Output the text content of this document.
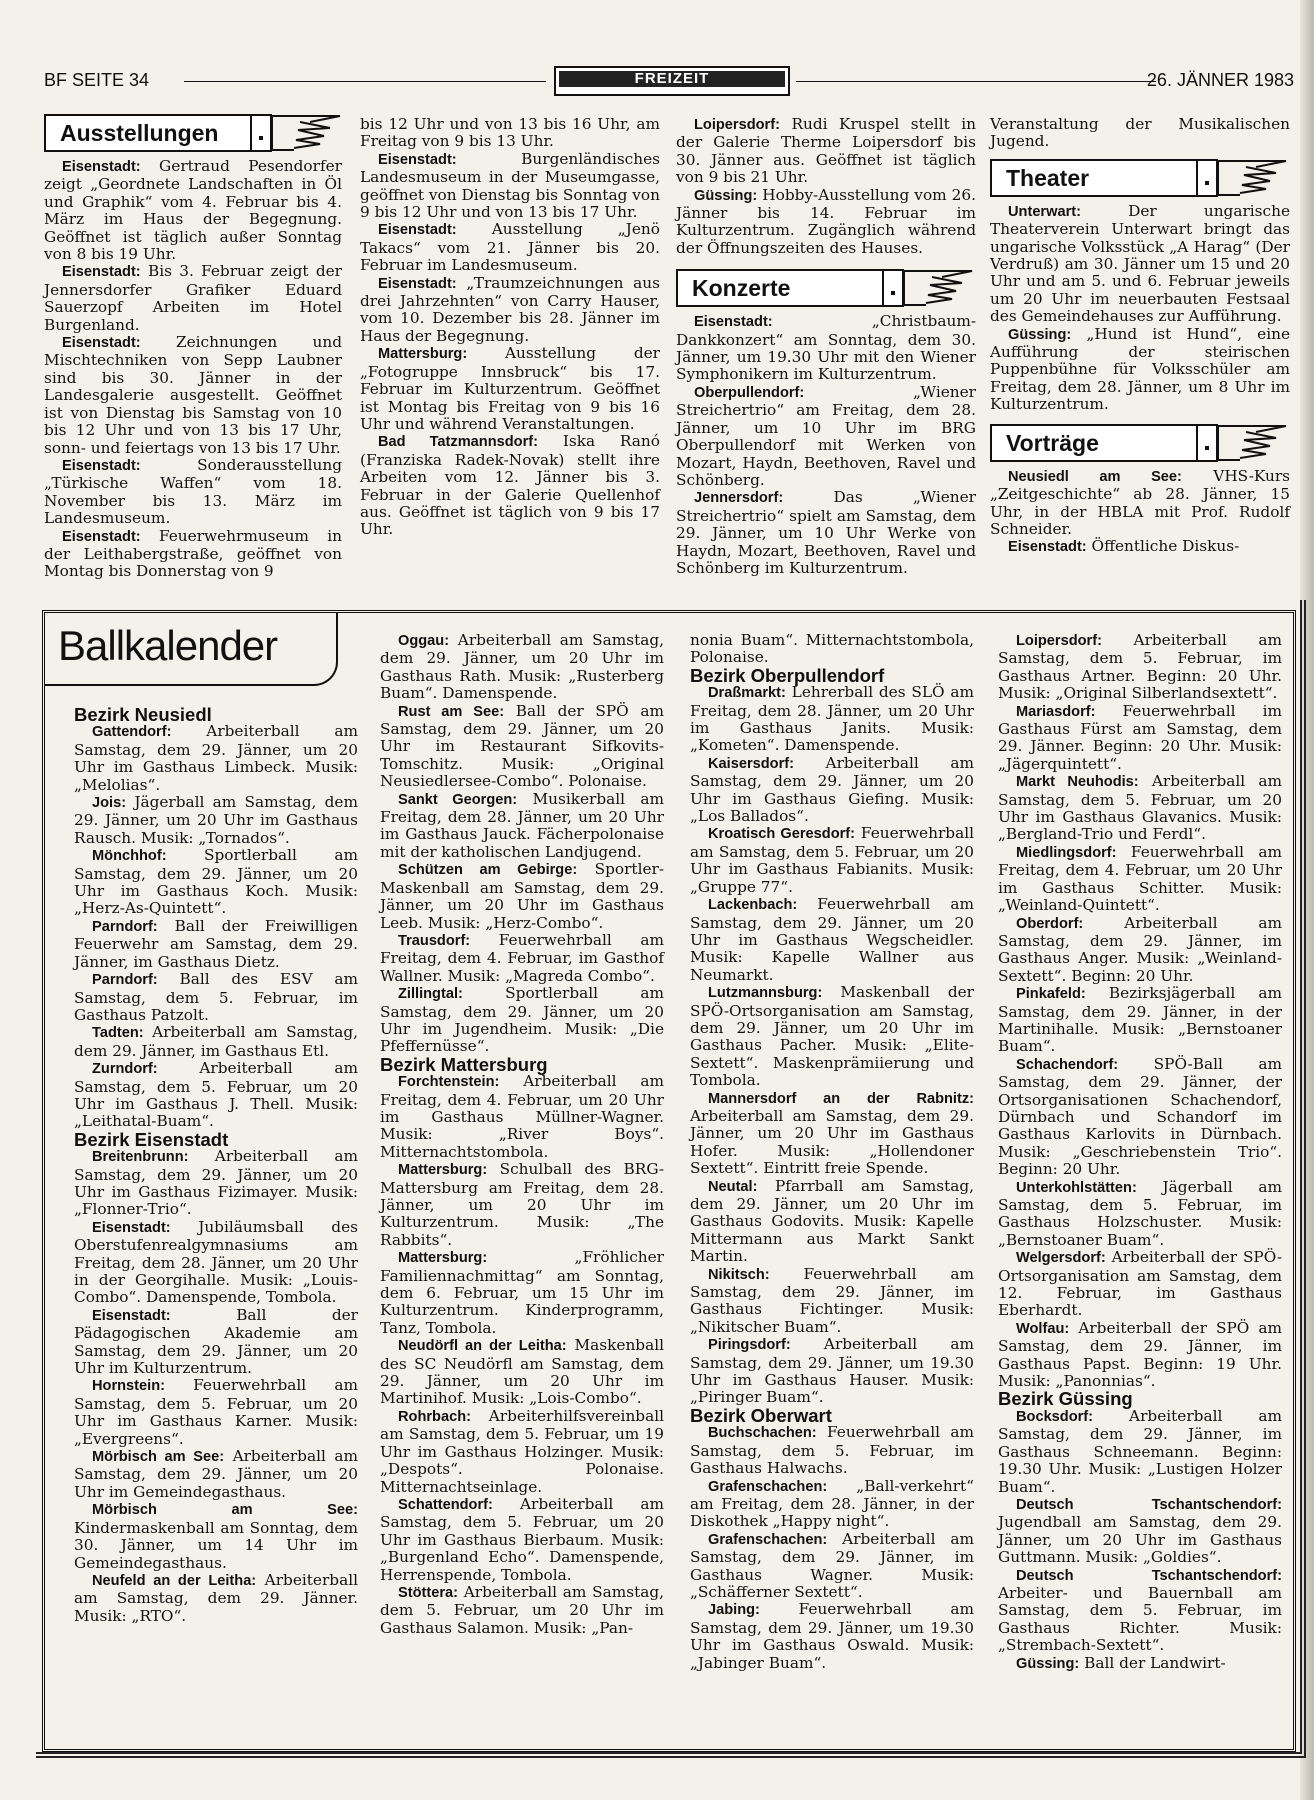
BF SEITE 34	FREIZEIT	26. JÄNNER 1983
Ausstellungen

Eisenstadt: Gertraud Pesendorfer zeigt „Geordnete Landschaften in Öl und Graphik“ vom 4. Februar bis 4. März im Haus der Begegnung. Geöffnet ist täglich außer Sonntag von 8 bis 19 Uhr.

Eisenstadt: Bis 3. Februar zeigt der Jennersdorfer Grafiker Eduard Sauerzopf Arbeiten im Hotel Burgenland.

Eisenstadt: Zeichnungen und Mischtechniken von Sepp Laubner sind bis 30. Jänner in der Landesgalerie ausgestellt. Geöffnet ist von Dienstag bis Samstag von 10 bis 12 Uhr und von 13 bis 17 Uhr, sonn- und feiertags von 13 bis 17 Uhr.

Eisenstadt:	Sonderausstellung „Türkische Waffen“ vom 18. November bis 13. März im Landesmuseum.

Eisenstadt: Feuerwehrmuseum in der Leithabergstraße, geöffnet von Montag bis Donnerstag von 9

bis 12 Uhr und von 13 bis 16 Uhr, am Freitag von 9 bis 13 Uhr.

Eisenstadt:	Burgenländisches Landesmuseum in der Museumgasse, geöffnet von Dienstag bis Sonntag von 9 bis 12 Uhr und von 13 bis 17 Uhr.

Eisenstadt: Ausstellung „Jenö Takacs“ vom 21. Jänner bis 20. Februar im Landesmuseum.

Eisenstadt: „Traumzeichnungen aus drei Jahrzehnten“ von Carry Hauser, vom 10. Dezember bis 28. Jänner im Haus der Begegnung.

Mattersburg: Ausstellung der „Fotogruppe Innsbruck“ bis 17. Februar im Kulturzentrum. Geöffnet ist Montag bis Freitag von 9 bis 16 Uhr und während Veranstaltungen.

Bad Tatzmannsdorf: Iska Ranó (Franziska Radek-Novak) stellt ihre Arbeiten vom 12. Jänner bis 3. Februar in der Galerie Quellenhof aus. Geöffnet ist täglich von 9 bis 17 Uhr.

Loipersdorf: Rudi Kruspel stellt in der Galerie Therme Loipersdorf bis 30. Jänner aus. Geöffnet ist täglich von 9 bis 21 Uhr.

Güssing: Hobby-Ausstellung vom 26. Jänner bis 14. Februar im Kulturzentrum. Zugänglich während der Öffnungszeiten des Hauses.

Konzerte

Eisenstadt:	„Christbaum-Dankkonzert“ am Sonntag, dem 30. Jänner, um 19.30 Uhr mit den Wiener Symphonikern im Kulturzentrum.

Oberpullendorf:	„Wiener Streichertrio“ am Freitag, dem 28. Jänner, um 10 Uhr im BRG Oberpullendorf mit Werken von Mozart, Haydn, Beethoven, Ravel und Schönberg.

Jennersdorf:	Das „Wiener Streichertrio“ spielt am Samstag, dem 29. Jänner, um 10 Uhr Werke von Haydn, Mozart, Beethoven, Ravel und Schönberg im Kulturzentrum.

Veranstaltung der Musikalischen Jugend.

Theater

Unterwart:	Der ungarische Theaterverein Unterwart bringt das ungarische Volksstück „A Harag“ (Der Verdruß) am 30. Jänner um 15 und 20 Uhr und am 5. und 6. Februar jeweils um 20 Uhr im neuerbauten Festsaal des Gemeindehauses zur Aufführung.

Güssing: „Hund ist Hund“, eine Aufführung der steirischen Puppenbühne für Volksschüler am Freitag, dem 28. Jänner, um 8 Uhr im Kulturzentrum.

Vorträge

Neusiedl am See: VHS-Kurs „Zeitgeschichte“ ab 28. Jänner, 15 Uhr, in der HBLA mit Prof. Rudolf Schneider.

Eisenstadt: Öffentliche Diskus-

Ballkalender

Bezirk Neusiedl

Gattendorf: Arbeiterball am Samstag, dem 29. Jänner, um 20 Uhr im Gasthaus Limbeck. Musik: „Melolias“.

Jois: Jägerball am Samstag, dem 29. Jänner, um 20 Uhr im Gasthaus Rausch. Musik: „Tornados“.

Mönchhof: Sportlerball am Samstag, dem 29. Jänner, um 20 Uhr im Gasthaus Koch. Musik: „Herz-As-Quintett“.

Parndorf: Ball der Freiwilligen Feuerwehr am Samstag, dem 29. Jänner, im Gasthaus Dietz.

Parndorf: Ball des ESV am Samstag, dem 5. Februar, im Gasthaus Patzolt.

Tadten: Arbeiterball am Samstag, dem 29. Jänner, im Gasthaus Etl.

Zurndorf:	Arbeiterball am Samstag, dem 5. Februar, um 20 Uhr im Gasthaus J. Thell. Musik: „Leithatal-Buam“.

Bezirk Eisenstadt

Breitenbrunn: Arbeiterball am Samstag, dem 29. Jänner, um 20 Uhr im Gasthaus Fizimayer. Musik: „Flonner-Trio“.

Eisenstadt: Jubiläumsball des Oberstufenrealgymnasiums am Freitag, dem 28. Jänner, um 20 Uhr in der Georgihalle. Musik: „Louis-Combo“. Damenspende, Tombola.

Eisenstadt:	Ball der Pädagogischen Akademie am Samstag, dem 29. Jänner, um 20 Uhr im Kulturzentrum.

Hornstein: Feuerwehrball am Samstag, dem 5. Februar, um 20 Uhr im Gasthaus Karner. Musik: „Evergreens“.

Mörbisch am See: Arbeiterball am Samstag, dem 29. Jänner, um 20 Uhr im Gemeindegasthaus.

Mörbisch am See: Kindermaskenball am Sonntag, dem 30. Jänner, um 14 Uhr im Gemeindegasthaus.

Neufeld an der Leitha: Arbeiterball am Samstag, dem 29. Jänner. Musik: „RTO“.

Oggau: Arbeiterball am Samstag, dem 29. Jänner, um 20 Uhr im Gasthaus Rath. Musik: „Rusterberg Buam“. Damenspende.

Rust am See: Ball der SPÖ am Samstag, dem 29. Jänner, um 20 Uhr im Restaurant Sifkovits-Tomschitz. Musik: „Original Neusiedlersee-Combo“. Polonaise.

Sankt Georgen: Musikerball am Freitag, dem 28. Jänner, um 20 Uhr im Gasthaus Jauck. Fächerpolonaise mit der katholischen Landjugend.

Schützen am Gebirge: Sportler-Maskenball am Samstag, dem 29. Jänner, um 20 Uhr im Gasthaus Leeb. Musik: „Herz-Combo“.

Trausdorf: Feuerwehrball am Freitag, dem 4. Februar, im Gasthof Wallner. Musik: „Magreda Combo“.

Zillingtal:	Sportlerball am Samstag, dem 29. Jänner, um 20 Uhr im Jugendheim. Musik: „Die Pfeffernüsse“.

Bezirk Mattersburg

Forchtenstein: Arbeiterball am Freitag, dem 4. Februar, um 20 Uhr im Gasthaus Müllner-Wagner. Musik: „River Boys“. Mitternachtstombola.

Mattersburg: Schulball des BRG-Mattersburg am Freitag, dem 28. Jänner, um 20 Uhr im Kulturzentrum. Musik: „The Rabbits“.

Mattersburg:	„Fröhlicher Familiennachmittag“ am Sonntag, dem 6. Februar, um 15 Uhr im Kulturzentrum. Kinderprogramm, Tanz, Tombola.

Neudörfl an der Leitha: Maskenball des SC Neudörfl am Samstag, dem 29. Jänner, um 20 Uhr im Martinihof. Musik: „Lois-Combo“.

Rohrbach: Arbeiterhilfsvereinball am Samstag, dem 5. Februar, um 19 Uhr im Gasthaus Holzinger. Musik: „Despots“. Polonaise. Mitternachtseinlage.

Schattendorf: Arbeiterball am Samstag, dem 5. Februar, um 20 Uhr im Gasthaus Bierbaum. Musik: „Burgenland Echo“. Damenspende, Herrenspende, Tombola.

Stöttera: Arbeiterball am Samstag, dem 5. Februar, um 20 Uhr im Gasthaus Salamon. Musik: „Pan-

nonia Buam“. Mitternachtstombola, Polonaise.

Bezirk Oberpullendorf

Draßmarkt: Lehrerball des SLÖ am Freitag, dem 28. Jänner, um 20 Uhr im Gasthaus Janits. Musik: „Kometen“. Damenspende.

Kaisersdorf: Arbeiterball am Samstag, dem 29. Jänner, um 20 Uhr im Gasthaus Giefing. Musik: „Los Ballados“.

Kroatisch Geresdorf: Feuerwehrball am Samstag, dem 5. Februar, um 20 Uhr im Gasthaus Fabianits. Musik: „Gruppe 77“.

Lackenbach: Feuerwehrball am Samstag, dem 29. Jänner, um 20 Uhr im Gasthaus Wegscheidler. Musik: Kapelle Wallner aus Neumarkt.

Lutzmannsburg: Maskenball der SPÖ-Ortsorganisation am Samstag, dem 29. Jänner, um 20 Uhr im Gasthaus Pacher. Musik: „Elite-Sextett“. Maskenprämiierung und Tombola.

Mannersdorf an der Rabnitz: Arbeiterball am Samstag, dem 29. Jänner, um 20 Uhr im Gasthaus Hofer. Musik: „Hollendoner Sextett“. Eintritt freie Spende.

Neutal: Pfarrball am Samstag, dem 29. Jänner, um 20 Uhr im Gasthaus Godovits. Musik: Kapelle Mittermann aus Markt Sankt Martin.

Nikitsch: Feuerwehrball am Samstag, dem 29. Jänner, im Gasthaus Fichtinger. Musik: „Nikitscher Buam“.

Piringsdorf: Arbeiterball am Samstag, dem 29. Jänner, um 19.30 Uhr im Gasthaus Hauser. Musik: „Piringer Buam“.

Bezirk Oberwart

Buchschachen: Feuerwehrball am Samstag, dem 5. Februar, im Gasthaus Halwachs.

Grafenschachen: „Ball-verkehrt“ am Freitag, dem 28. Jänner, in der Diskothek „Happy night“.

Grafenschachen: Arbeiterball am Samstag, dem 29. Jänner, im Gasthaus Wagner. Musik: „Schäfferner Sextett“.

Jabing:	Feuerwehrball am Samstag, dem 29. Jänner, um 19.30 Uhr im Gasthaus Oswald. Musik: „Jabinger Buam“.

Loipersdorf: Arbeiterball am Samstag, dem 5. Februar, im Gasthaus Artner. Beginn: 20 Uhr. Musik: „Original Silberlandsextett“.

Mariasdorf: Feuerwehrball im Gasthaus Fürst am Samstag, dem 29. Jänner. Beginn: 20 Uhr. Musik: „Jägerquintett“.

Markt Neuhodis: Arbeiterball am Samstag, dem 5. Februar, um 20 Uhr im Gasthaus Glavanics. Musik: „Bergland-Trio und Ferdl“.

Miedlingsdorf: Feuerwehrball am Freitag, dem 4. Februar, um 20 Uhr im Gasthaus Schitter. Musik: „Weinland-Quintett“.

Oberdorf:	Arbeiterball am Samstag, dem 29. Jänner, im Gasthaus Anger. Musik: „Weinland-Sextett“. Beginn: 20 Uhr.

Pinkafeld: Bezirksjägerball am Samstag, dem 29. Jänner, in der Martinihalle. Musik: „Bernstoaner Buam“.

Schachendorf: SPÖ-Ball am Samstag, dem 29. Jänner, der Ortsorganisationen Schachendorf, Dürnbach und Schandorf im Gasthaus Karlovits in Dürnbach. Musik: „Geschriebenstein Trio“. Beginn: 20 Uhr.

Unterkohlstätten: Jägerball am Samstag, dem 5. Februar, im Gasthaus Holzschuster. Musik: „Bernstoaner Buam“.

Welgersdorf: Arbeiterball der SPÖ-Ortsorganisation am Samstag, dem 12. Februar, im Gasthaus Eberhardt.

Wolfau: Arbeiterball der SPÖ am Samstag, dem 29. Jänner, im Gasthaus Papst. Beginn: 19 Uhr. Musik: „Panonnias“.

Bezirk Güssing

Bocksdorf: Arbeiterball am Samstag, dem 29. Jänner, im Gasthaus Schneemann. Beginn: 19.30 Uhr. Musik: „Lustigen Holzer Buam“.

Deutsch Tschantschendorf: Jugendball am Samstag, dem 29. Jänner, um 20 Uhr im Gasthaus Guttmann. Musik: „Goldies“.

Deutsch Tschantschendorf: Arbeiter- und Bauernball am Samstag, dem 5. Februar, im Gasthaus Richter. Musik: „Strembach-Sextett“.

Güssing: Ball der Landwirt-
